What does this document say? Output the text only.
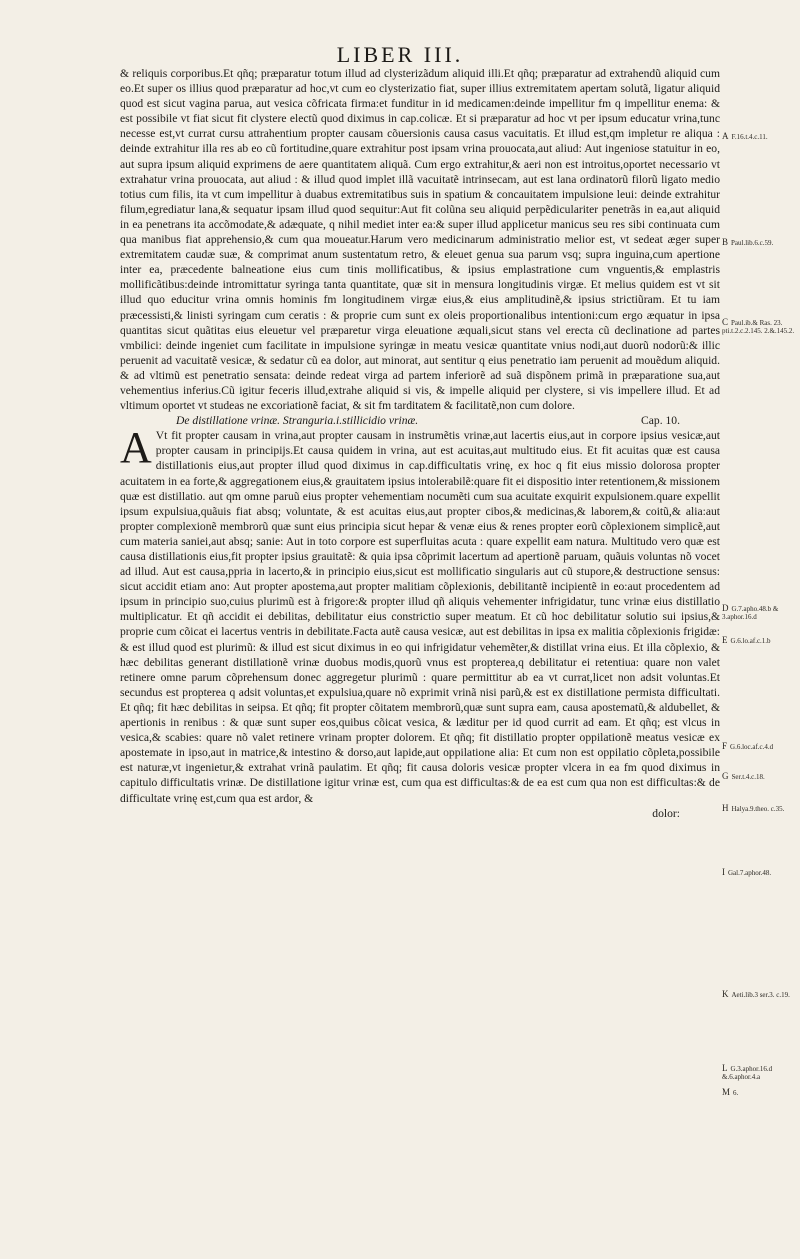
LIBER III.

& reliquis corporibus.Et qñq; præparatur totum illud ad clysterizãdum aliquid illi.Et qñq; præparatur ad extrahendũ aliquid cum eo.Et super os illius quod præparatur ad hoc,vt cum eo clysterizatio fiat, super illius extremitatem apertam solutã, ligatur aliquid quod est sicut vagina parua, aut vesica cõfricata firma:et funditur in id medicamen:deinde impellitur fm q impellitur enema: & est possibile vt fiat sicut fit clystere electũ quod diximus in cap.colicæ. Et si præparatur ad hoc vt per ipsum educatur vrina,tunc necesse est,vt currat cursu attrahentium propter causam cõuersionis causa casus vacuitatis. Et illud est,qm impletur re aliqua : deinde extrahitur illa res ab eo cũ fortitudine,quare extrahitur post ipsam vrina prouocata,aut aliud: Aut ingeniose statuitur in eo, aut supra ipsum aliquid exprimens de aere quantitatem aliquã. Cum ergo extrahitur,& aeri non est introitus,oportet necessario vt extrahatur vrina prouocata, aut aliud : & illud quod implet illã vacuitatẽ intrinsecam, aut est lana ordinatorũ filorũ ligato medio totius cum filis, ita vt cum impellitur à duabus extremitatibus suis in spatium & concauitatem impulsione leui: deinde extrahitur filum,egrediatur lana,& sequatur ipsam illud quod sequitur:Aut fit colũna seu aliquid perpẽdiculariter penetrãs in ea,aut aliquid in ea penetrans ita accõmodate,& adæquate, q nihil mediet inter ea:& super illud applicetur manicus seu res sibi continuata cum qua manibus fiat apprehensio,& cum qua moueatur.Harum vero medicinarum administratio melior est, vt sedeat æger super extremitatem caudæ suæ, & comprimat anum sustentatum retro, & eleuet genua sua parum vsq; supra inguina,cum apertione inter ea, præcedente balneatione eius cum tinis mollificatibus, & ipsius emplastratione cum vnguentis,& emplastris mollificãtibus:deinde intromittatur syringa tanta quantitate, quæ sit in mensura longitudinis virgæ. Et melius quidem est vt sit illud quo educitur vrina omnis hominis fm longitudinem virgæ eius,& eius amplitudinẽ,& ipsius strictiũram. Et tu iam præcessisti,& linisti syringam cum ceratis : & proprie cum sunt ex oleis proportionalibus intentioni:cum ergo æquatur in ipsa quantitas sicut quãtitas eius eleuetur vel præparetur virga eleuatione æquali,sicut stans vel erecta cũ declinatione ad partes vmbilici: deinde ingeniet cum facilitate in impulsione syringæ in meatu vesicæ quantitate vnius nodi,aut duorũ nodorũ:& illic peruenit ad vacuitatẽ vesicæ, & sedatur cũ ea dolor, aut minorat, aut sentitur q eius penetratio iam peruenit ad mouẽdum aliquid. & ad vltimũ est penetratio sensata: deinde redeat virga ad partem inferiorẽ ad suã dispõnem primã in præparatione sua,aut vehementius inferius.Cũ igitur feceris illud,extrahe aliquid si vis, & impelle aliquid per clystere, si vis impellere illud. Et ad vltimum oportet vt studeas ne excoriationẽ faciat, & sit fm tarditatem & facilitatẽ,non cum dolore.

De distillatione vrinæ. Stranguria.i.stillicidio vrinæ.	Cap. 10.

A Vt fit propter causam in vrina,aut propter causam in instrumẽtis vrinæ,aut lacertis eius,aut in corpore ipsius vesicæ,aut propter causam in principijs.Et causa quidem in vrina, aut est acuitas,aut multitudo eius. Et fit acuitas quæ est causa distillationis eius,aut propter illud quod diximus in cap.difficultatis vrinę, ex hoc q fit eius missio dolorosa propter acuitatem in ea forte,& aggregationem eius,& grauitatem ipsius intolerabilẽ:quare fit ei dispositio inter retentionem,& missionem quæ est distillatio. aut qm omne paruũ eius propter vehementiam nocumẽti cum sua acuitate exquirit expulsionem.quare expellit ipsum expulsiua,quãuis fiat absq; voluntate, & est acuitas eius,aut propter cibos,& medicinas,& laborem,& coitũ,& alia:aut propter complexionẽ membrorũ quæ sunt eius principia sicut hepar & venæ eius & renes propter eorũ cõplexionem simplicẽ,aut cum materia saniei,aut absq; sanie: Aut in toto corpore est superfluitas acuta : quare expellit eam natura. Multitudo vero quæ est causa distillationis eius,fit propter ipsius grauitatẽ: & quia ipsa cõprimit lacertum ad apertionẽ paruam, quãuis voluntas nõ vocet ad illud. Aut est causa,ppria in lacerto,& in principio eius,sicut est mollificatio singularis aut cũ stupore,& destructione sensus: sicut accidit etiam ano: Aut propter apostema,aut propter malitiam cõplexionis, debilitantẽ incipientẽ in eo:aut procedentem ad ipsum in principio suo,cuius plurimũ est à frigore:& propter illud qñ aliquis vehementer infrigidatur, tunc vrinæ eius distillatio multiplicatur. Et qñ accidit ei debilitas, debilitatur eius constrictio super meatum. Et cũ hoc debilitatur solutio sui ipsius,& proprie cum cõicat ei lacertus ventris in debilitate.Facta autẽ causa vesicæ, aut est debilitas in ipsa ex malitia cõplexionis frigidæ: & est illud quod est plurimũ: & illud est sicut diximus in eo qui infrigidatur vehemẽter,& distillat vrina eius. Et illa cõplexio, & hæc debilitas generant distillationẽ vrinæ duobus modis,quorũ vnus est propterea,q debilitatur ei retentiua: quare non valet retinere omne parum cõprehensum donec aggregetur plurimũ : quare permittitur ab ea vt currat,licet non adsit voluntas.Et secundus est propterea q adsit voluntas,et expulsiua,quare nõ exprimit vrinã nisi parũ,& est ex distillatione permista difficultati. Et qñq; fit hæc debilitas in seipsa. Et qñq; fit propter cõitatem membrorũ,quæ sunt supra eam, causa apostematũ,& aldubellet, & apertionis in renibus : & quæ sunt super eos,quibus cõicat vesica, & læditur per id quod currit ad eam. Et qñq; est vlcus in vesica,& scabies: quare nõ valet retinere vrinam propter dolorem. Et qñq; fit distillatio propter oppilationẽ meatus vesicæ ex apostemate in ipso,aut in matrice,& intestino & dorso,aut lapide,aut oppilatione alia: Et cum non est oppilatio cõpleta,possibile est naturæ,vt ingenietur,& extrahat vrinã paulatim. Et qñq; fit causa doloris vesicæ propter vlcera in ea fm quod diximus in capitulo difficultatis vrinæ. De distillatione igitur vrinæ est, cum qua est difficultas:& de ea est cum qua non est difficultas:& de difficultate vrinę est,cum qua est ardor, &

dolor:
A F.16.t.4.c.11.
B Paul.lib.6.c.59.
C Paul.ib.& Ras. 23. pti.t.2.c.2.145. 2.&.145.2.
D G.7.apho.48.b & 3.aphor.16.d
E G.6.lo.af.c.1.b
F G.6.loc.af.c.4.d
G Ser.t.4.c.18.
H Halya.9.theo. c.35.
I Gal.7.aphor.48.
K Aeti.lib.3 ser.3. c.19.
L G.3.aphor.16.d &.6.aphor.4.a
M 6.
